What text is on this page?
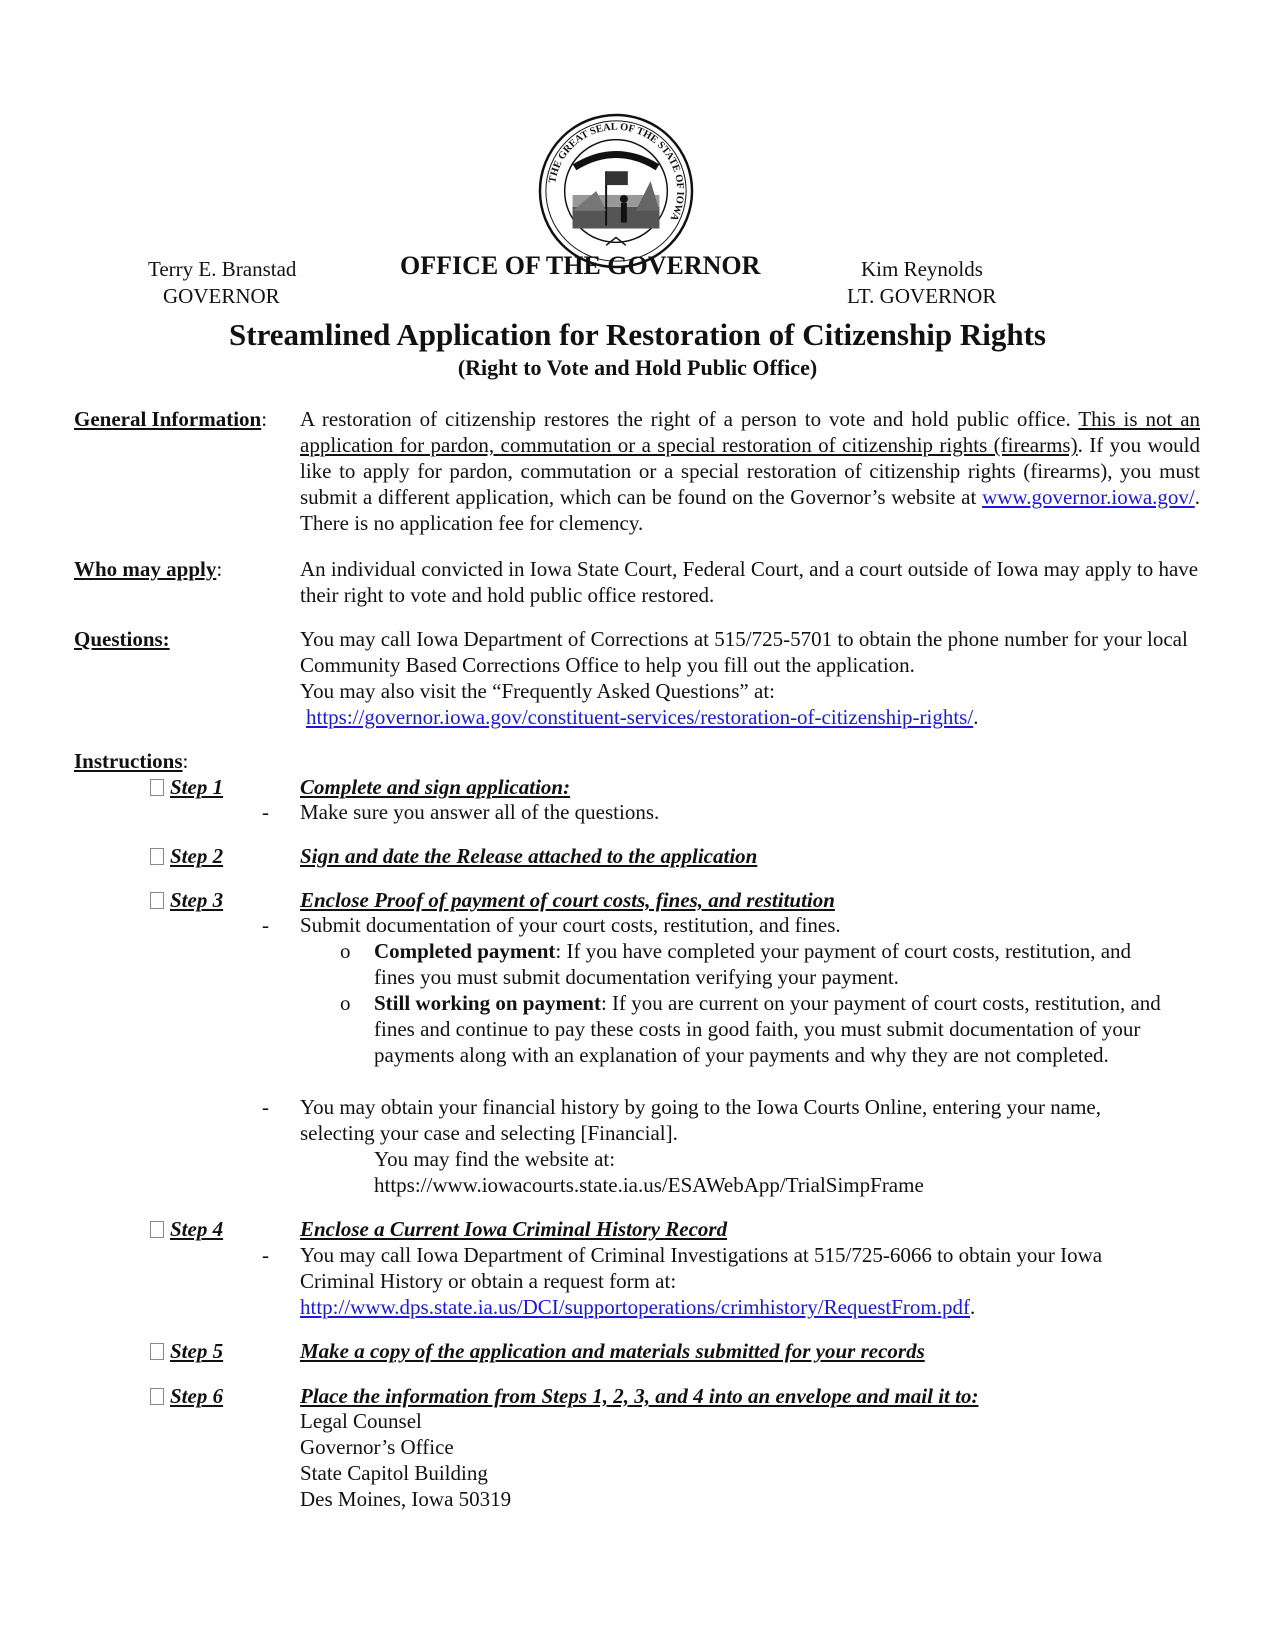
THE GREAT SEAL OF THE STATE OF IOWA
Terry E. Branstad
GOVERNOR
OFFICE OF THE GOVERNOR	Kim Reynolds
LT. GOVERNOR
Streamlined Application for Restoration of Citizenship Rights
(Right to Vote and Hold Public Office)
General Information: A restoration of citizenship restores the right of a person to vote and hold public office. This is not an application for pardon, commutation or a special restoration of citizenship rights (firearms). If you would like to apply for pardon, commutation or a special restoration of citizenship rights (firearms), you must submit a different application, which can be found on the Governor’s website at www.governor.iowa.gov/. There is no application fee for clemency.
Who may apply:	An individual convicted in Iowa State Court, Federal Court, and a court outside of Iowa may apply to have their right to vote and hold public office restored.
Questions:	You may call Iowa Department of Corrections at 515/725-5701 to obtain the phone number for your local Community Based Corrections Office to help you fill out the application.
You may also visit the “Frequently Asked Questions” at:
https://governor.iowa.gov/constituent-services/restoration-of-citizenship-rights/.
Instructions:
Step 1	Complete and sign application:
- Make sure you answer all of the questions.
Step 2	Sign and date the Release attached to the application
Step 3	Enclose Proof of payment of court costs, fines, and restitution
- Submit documentation of your court costs, restitution, and fines.
o Completed payment: If you have completed your payment of court costs, restitution, and fines you must submit documentation verifying your payment.
o Still working on payment: If you are current on your payment of court costs, restitution, and fines and continue to pay these costs in good faith, you must submit documentation of your payments along with an explanation of your payments and why they are not completed.
- You may obtain your financial history by going to the Iowa Courts Online, entering your name, selecting your case and selecting [Financial].
You may find the website at:
https://www.iowacourts.state.ia.us/ESAWebApp/TrialSimpFrame
Step 4	Enclose a Current Iowa Criminal History Record
- You may call Iowa Department of Criminal Investigations at 515/725-6066 to obtain your Iowa Criminal History or obtain a request form at:
http://www.dps.state.ia.us/DCI/supportoperations/crimhistory/RequestFrom.pdf.
Step 5	Make a copy of the application and materials submitted for your records
Step 6	Place the information from Steps 1, 2, 3, and 4 into an envelope and mail it to:
Legal Counsel
Governor’s Office
State Capitol Building
Des Moines, Iowa 50319
